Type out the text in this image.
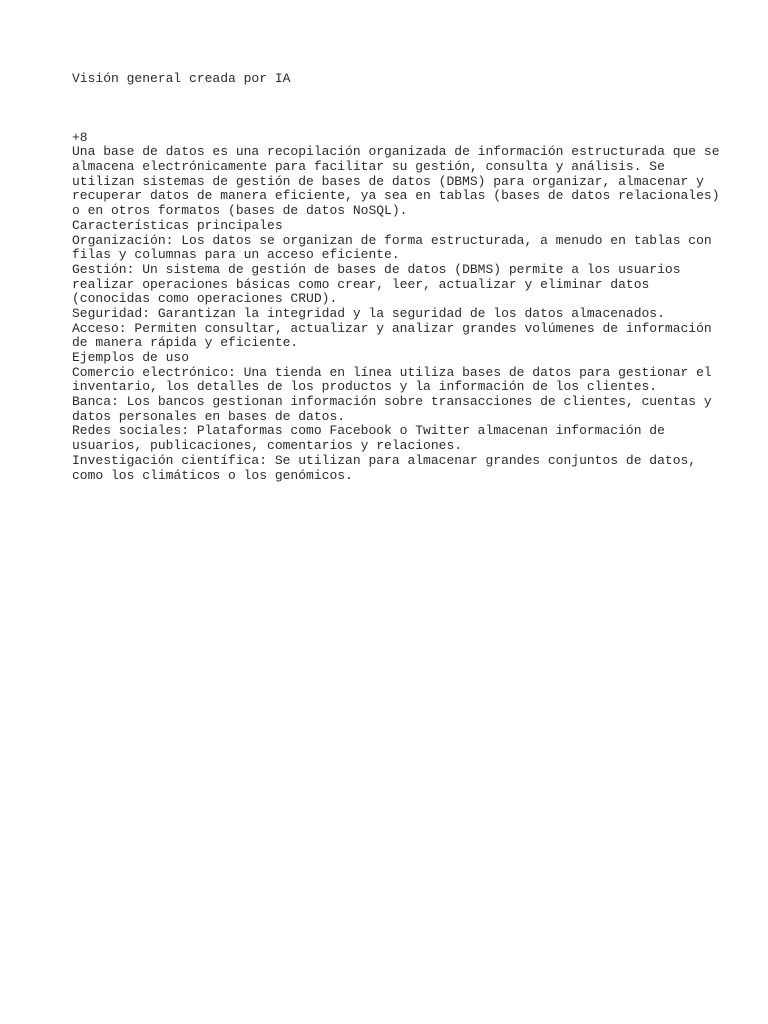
Visión general creada por IA

+8

Una base de datos es una recopilación organizada de información estructurada que se

almacena electrónicamente para facilitar su gestión, consulta y análisis. Se

utilizan sistemas de gestión de bases de datos (DBMS) para organizar, almacenar y

recuperar datos de manera eficiente, ya sea en tablas (bases de datos relacionales)

o en otros formatos (bases de datos NoSQL).

Características principales

Organización: Los datos se organizan de forma estructurada, a menudo en tablas con

filas y columnas para un acceso eficiente.

Gestión: Un sistema de gestión de bases de datos (DBMS) permite a los usuarios

realizar operaciones básicas como crear, leer, actualizar y eliminar datos

(conocidas como operaciones CRUD).

Seguridad: Garantizan la integridad y la seguridad de los datos almacenados.

Acceso: Permiten consultar, actualizar y analizar grandes volúmenes de información

de manera rápida y eficiente.

Ejemplos de uso

Comercio electrónico: Una tienda en línea utiliza bases de datos para gestionar el

inventario, los detalles de los productos y la información de los clientes.

Banca: Los bancos gestionan información sobre transacciones de clientes, cuentas y

datos personales en bases de datos.

Redes sociales: Plataformas como Facebook o Twitter almacenan información de

usuarios, publicaciones, comentarios y relaciones.

Investigación científica: Se utilizan para almacenar grandes conjuntos de datos,

como los climáticos o los genómicos.
